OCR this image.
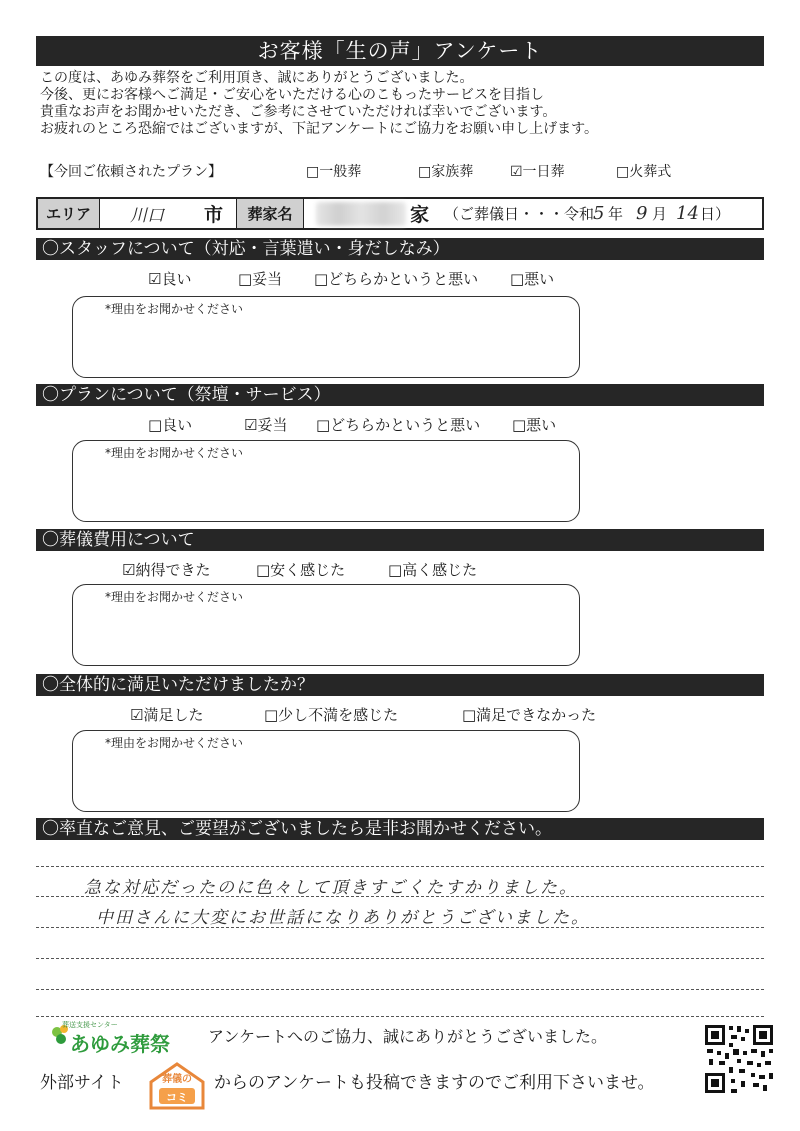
お客様「生の声」アンケート

この度は、あゆみ葬祭をご利用頂き、誠にありがとうございました。

今後、更にお客様へご満足・ご安心をいただける心のこもったサービスを目指し

貴重なお声をお聞かせいただき、ご参考にさせていただければ幸いでございます。

お疲れのところ恐縮ではございますが、下記アンケートにご協力をお願い申し上げます。

【今回ご依頼されたプラン】	□一般葬	□家族葬	☑一日葬	□火葬式
エリア	川口 市	葬家名	家 （ご葬儀日・・・令和
5 年 9 月 14 日）
〇スタッフについて（対応・言葉遣い・身だしなみ）
☑良い	□妥当 □どちらかというと悪い □悪い
*理由をお聞かせください
〇プランについて（祭壇・サービス）
□良い	☑妥当 □どちらかというと悪い □悪い
*理由をお聞かせください
〇葬儀費用について
☑納得できた	□安く感じた	□高く感じた
*理由をお聞かせください
〇全体的に満足いただけましたか？
☑満足した	□少し不満を感じた	□満足できなかった
*理由をお聞かせください
〇率直なご意見、ご要望がございましたら是非お聞かせください。
急な対応だったのに色々して頂きすごくたすかりました。
中田さんに大変にお世話になりありがとうございました。
葬送支援センター
あゆみ葬祭 アンケートへのご協力、誠にありがとうございました。
外部サイト	葬儀の
コミ
からのアンケートも投稿できますのでご利用下さいませ。
